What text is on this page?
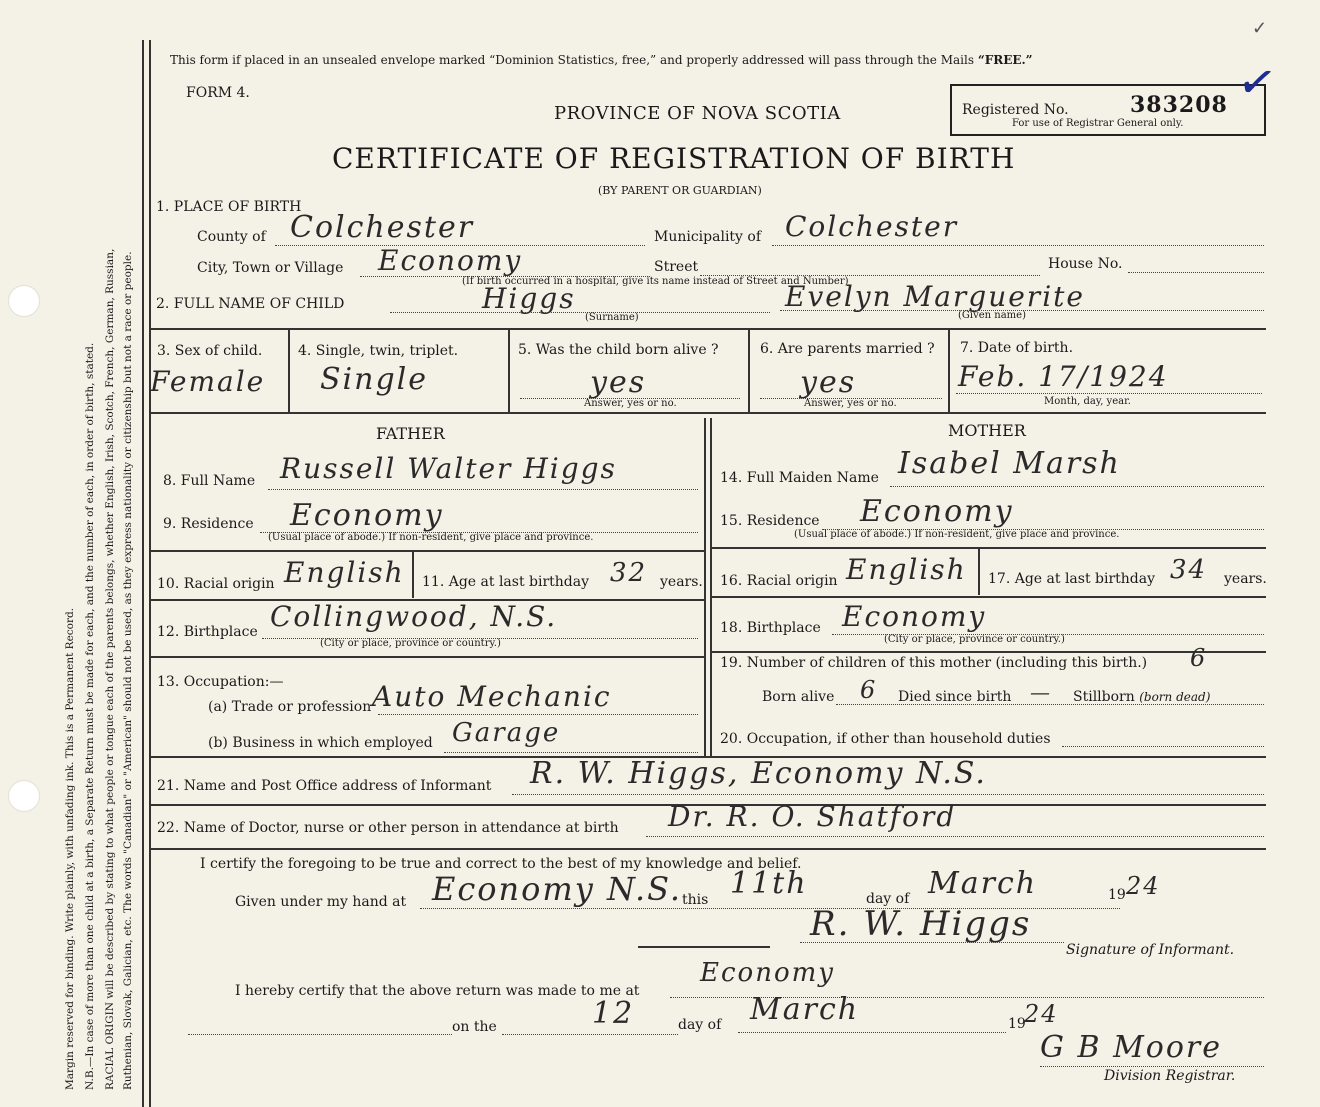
Margin reserved for binding. Write plainly, with unfading ink. This is a Permanent Record. N.B.—In case of more than one child at a birth, a Separate Return must be made for each, and the number of each, in order of birth, stated. RACIAL ORIGIN will be described by stating to what people or tongue each of the parents belongs, whether English, Irish, Scotch, French, German, Russian, Ruthenian, Slovak, Galician, etc. The words "Canadian" or "American" should not be used, as they express nationality or citizenship but not a race or people.
This form if placed in an unsealed envelope marked “Dominion Statistics, free,” and properly addressed will pass through the Mails “FREE.”
FORM 4.
PROVINCE OF NOVA SCOTIA
CERTIFICATE OF REGISTRATION OF BIRTH
(BY PARENT OR GUARDIAN)
Registered No.	383208
For use of Registrar General only.
✓
✓
1. PLACE OF BIRTH
County of Colchester	Municipality of Colchester
City, Town or Village Economy	Street	House No.
(If birth occurred in a hospital, give its name instead of Street and Number)
2. FULL NAME OF CHILD	Higgs
(Surname)
Evelyn Marguerite
(Given name)
3. Sex of child.
Female
4. Single, twin, triplet.
Single
5. Was the child born alive ?
yes
Answer, yes or no.
6. Are parents married ?
yes
Answer, yes or no.
7. Date of birth.
Feb. 17/1924
Month, day, year.
FATHER	MOTHER
8. Full Name Russell Walter Higgs
9. Residence Economy
(Usual place of abode.) If non-resident, give place and province.
10. Racial origin English 11. Age at last birthday 32 years.
12. Birthplace Collingwood, N.S.
(City or place, province or country.)
13. Occupation:—
(a) Trade or profession Auto Mechanic
(b) Business in which employed Garage
14. Full Maiden Name Isabel Marsh
15. Residence Economy
(Usual place of abode.) If non-resident, give place and province.
16. Racial origin English 17. Age at last birthday 34 years.
18. Birthplace Economy
(City or place, province or country.)
19. Number of children of this mother (including this birth.) 6
Born alive 6 Died since birth — Stillborn (born dead)
20. Occupation, if other than household duties
21. Name and Post Office address of Informant R. W. Higgs, Economy N.S.
22. Name of Doctor, nurse or other person in attendance at birth Dr. R. O. Shatford
I certify the foregoing to be true and correct to the best of my knowledge and belief.
Given under my hand at Economy N.S. this 11th	day of March	19 24
R. W. Higgs
Signature of Informant.
I hereby certify that the above return was made to me at
Economy
on the	12	day of March	19
24
G B Moore
Division Registrar.
